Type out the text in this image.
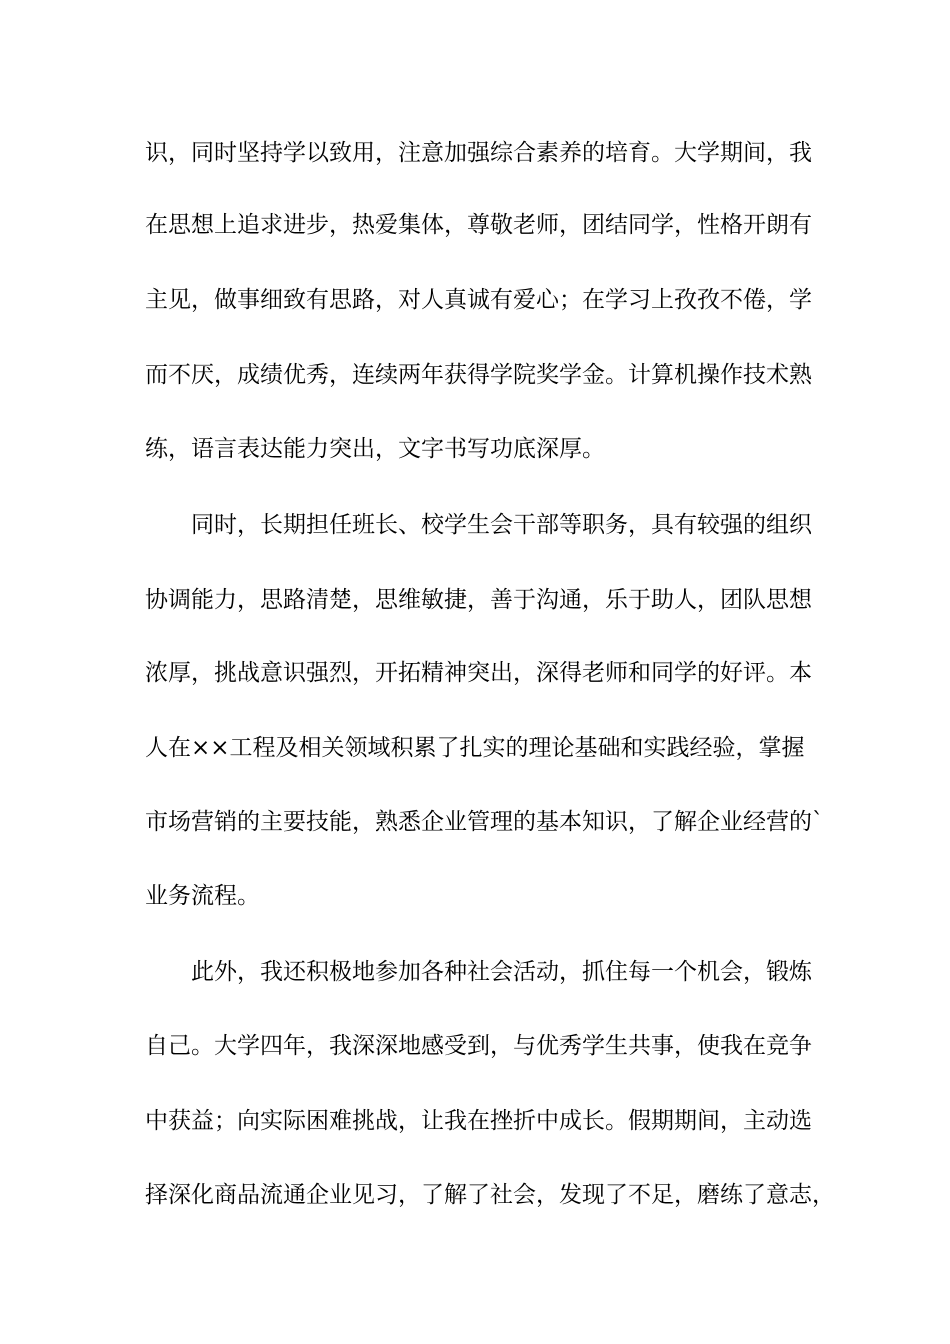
识，同时坚持学以致用，注意加强综合素养的培育。大学期间，我
在思想上追求进步，热爱集体，尊敬老师，团结同学，性格开朗有
主见，做事细致有思路，对人真诚有爱心；在学习上孜孜不倦，学
而不厌，成绩优秀，连续两年获得学院奖学金。计算机操作技术熟
练，语言表达能力突出，文字书写功底深厚。
同时，长期担任班长、校学生会干部等职务，具有较强的组织
协调能力，思路清楚，思维敏捷，善于沟通，乐于助人，团队思想
浓厚，挑战意识强烈，开拓精神突出，深得老师和同学的好评。本
人在××工程及相关领域积累了扎实的理论基础和实践经验，掌握
市场营销的主要技能，熟悉企业管理的基本知识，了解企业经营的`
业务流程。
此外，我还积极地参加各种社会活动，抓住每一个机会，锻炼
自己。大学四年，我深深地感受到，与优秀学生共事，使我在竞争
中获益；向实际困难挑战，让我在挫折中成长。假期期间，主动选
择深化商品流通企业见习，了解了社会，发现了不足，磨练了意志，
